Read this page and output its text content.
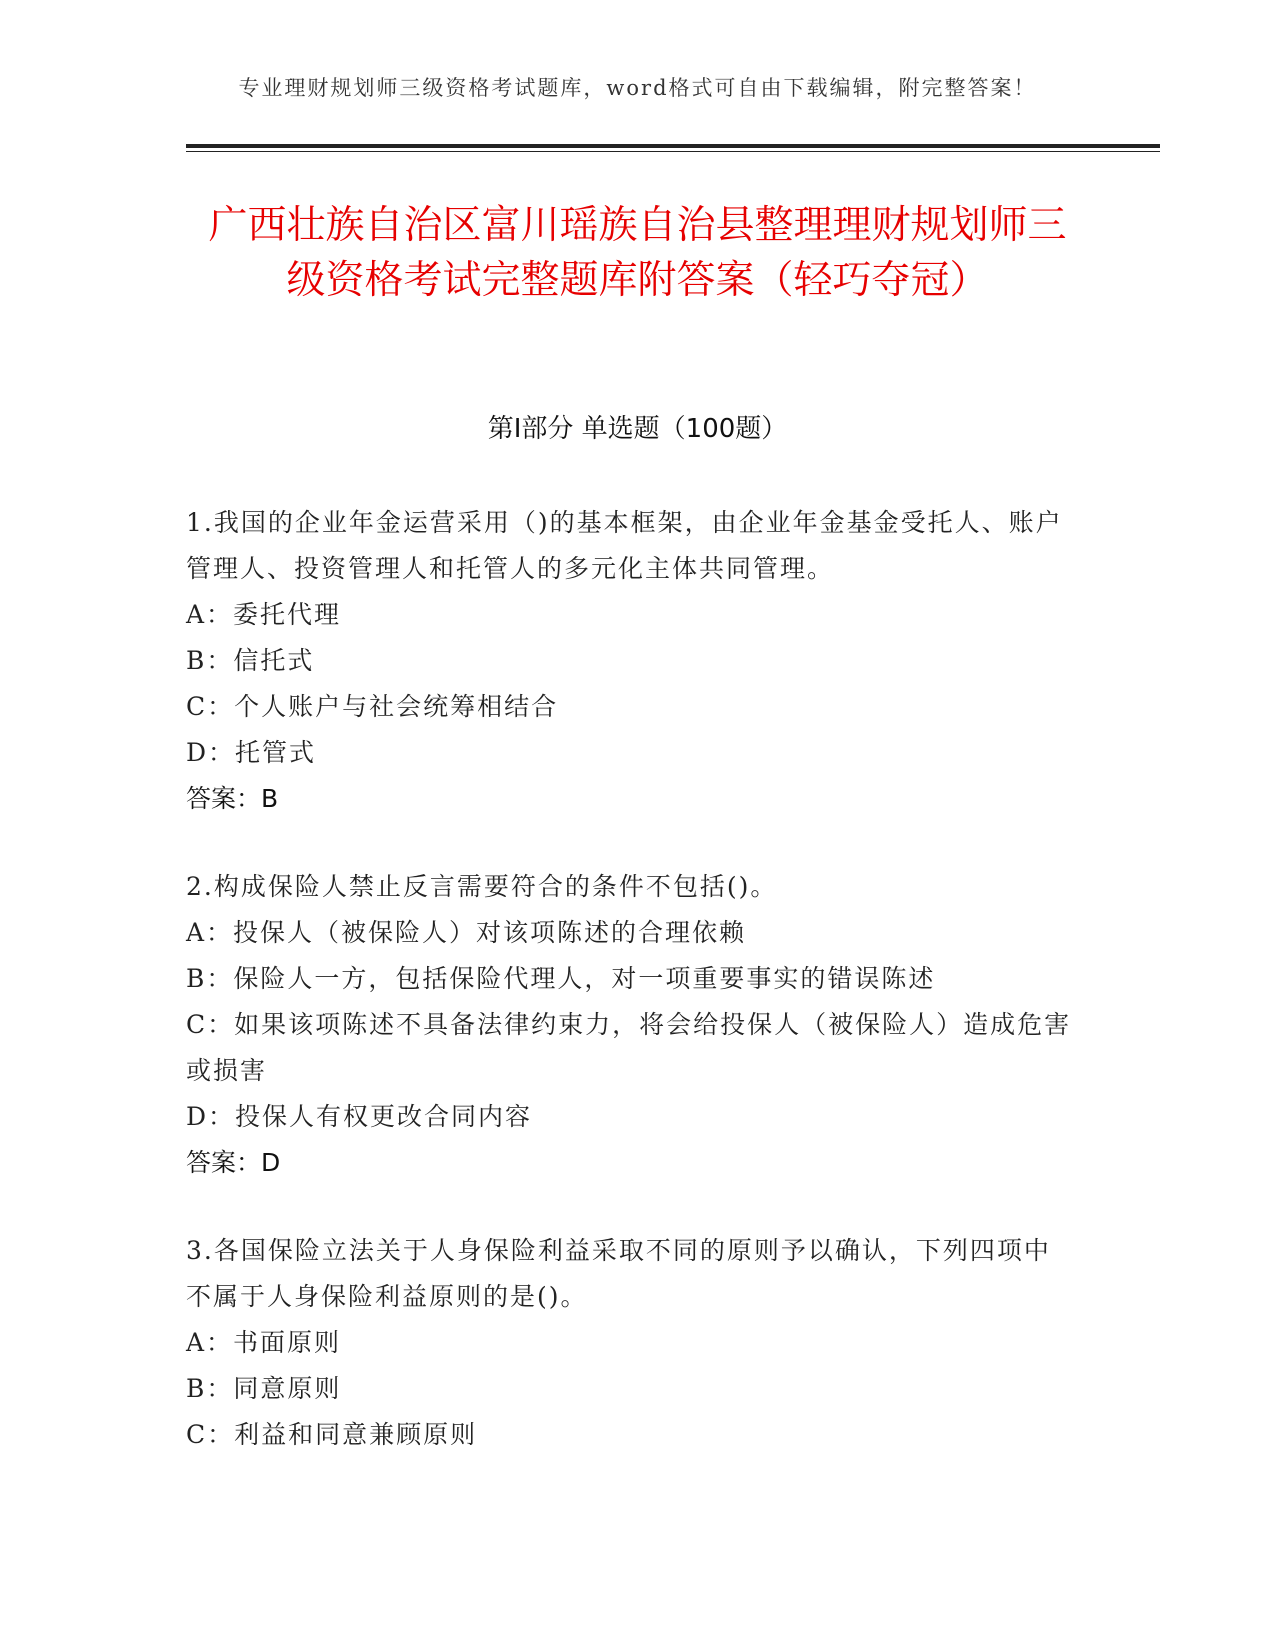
专业理财规划师三级资格考试题库，word格式可自由下载编辑，附完整答案！
广西壮族自治区富川瑶族自治县整理理财规划师三级资格考试完整题库附答案（轻巧夺冠）
第Ⅰ部分 单选题（100题）

1.我国的企业年金运营采用（)的基本框架，由企业年金基金受托人、账户管理人、投资管理人和托管人的多元化主体共同管理。

A：委托代理

B：信托式

C：个人账户与社会统筹相结合

D：托管式

答案：B

2.构成保险人禁止反言需要符合的条件不包括()。

A：投保人（被保险人）对该项陈述的合理依赖

B：保险人一方，包括保险代理人，对一项重要事实的错误陈述

C：如果该项陈述不具备法律约束力，将会给投保人（被保险人）造成危害或损害

D：投保人有权更改合同内容

答案：D

3.各国保险立法关于人身保险利益采取不同的原则予以确认，下列四项中不属于人身保险利益原则的是()。

A：书面原则

B：同意原则

C：利益和同意兼顾原则
